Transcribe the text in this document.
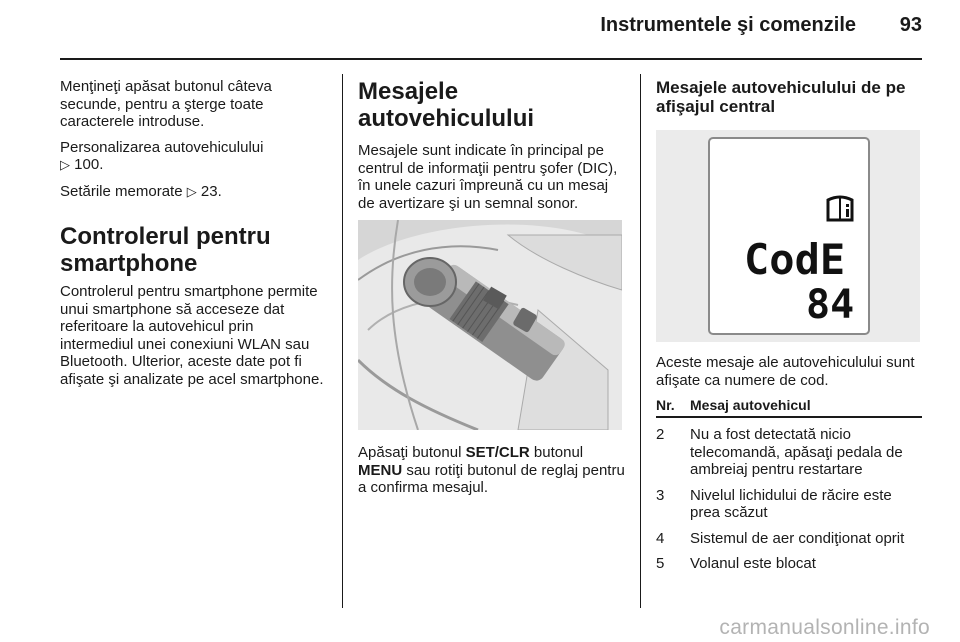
Instrumentele şi comenzile	93

Menţineţi apăsat butonul câteva secunde, pentru a şterge toate caracterele introduse.

Personalizarea autovehiculului
▷ 100.

Setările memorate ▷ 23.

Controlerul pentru smartphone

Controlerul pentru smartphone permite unui smartphone să acceseze dat referitoare la autovehicul prin intermediul unei conexiuni WLAN sau Bluetooth. Ulterior, aceste date pot fi afişate şi analizate pe acel smartphone.

Mesajele autovehiculului

Mesajele sunt indicate în principal pe centrul de informaţii pentru şofer (DIC), în unele cazuri împreună cu un mesaj de avertizare şi un semnal sonor.

Apăsaţi butonul SET/CLR butonul MENU sau rotiţi butonul de reglaj pentru a confirma mesajul.

Mesajele autovehiculului de pe afişajul central
CodE
84

Aceste mesaje ale autovehiculului sunt afişate ca numere de cod.

Nr.	Mesaj autovehicul
2	Nu a fost detectată nicio telecomandă, apăsaţi pedala de ambreiaj pentru restartare
3	Nivelul lichidului de răcire este prea scăzut
4	Sistemul de aer condiţionat oprit
5	Volanul este blocat
carmanualsonline.info
